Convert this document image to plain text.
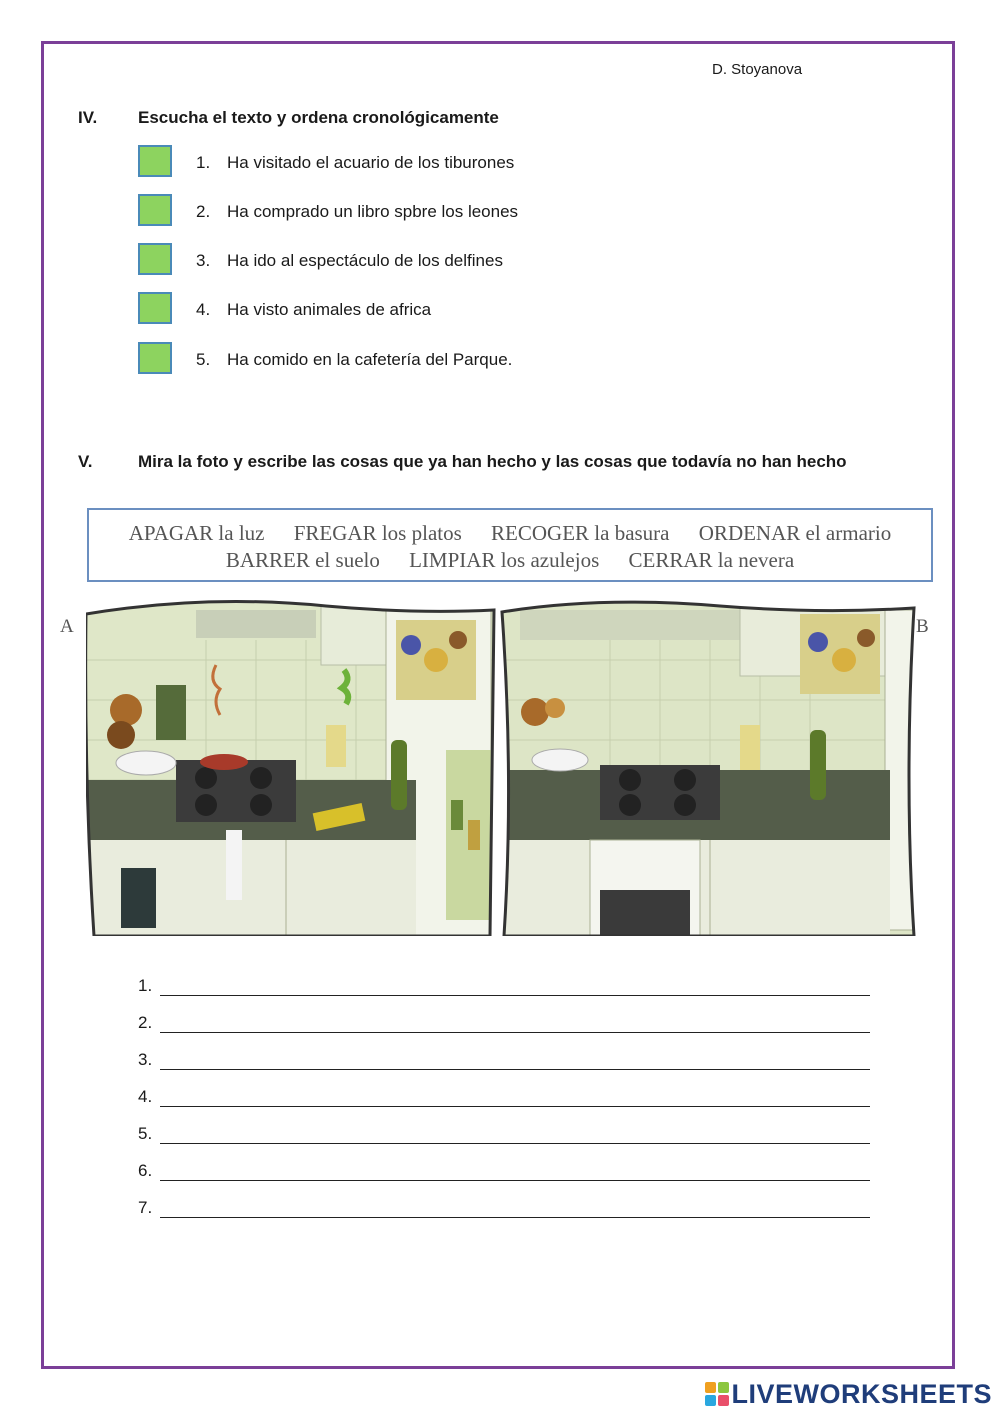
D. Stoyanova
IV. Escucha el texto y ordena cronológicamente
1. Ha visitado el acuario de los tiburones
2. Ha comprado un libro spbre los leones
3. Ha ido al espectáculo de los delfines
4. Ha visto animales de africa
5. Ha comido en la cafetería del Parque.
V.	Mira la foto y escribe las cosas que ya han hecho y las cosas que todavía no han hecho
APAGAR la luz FREGAR los platos RECOGER la basura ORDENAR el armario
BARRER el suelo LIMPIAR los azulejos CERRAR la nevera
A	B
1.
2.
3.
4.
5.
6.
7.
LIVEWORKSHEETS
